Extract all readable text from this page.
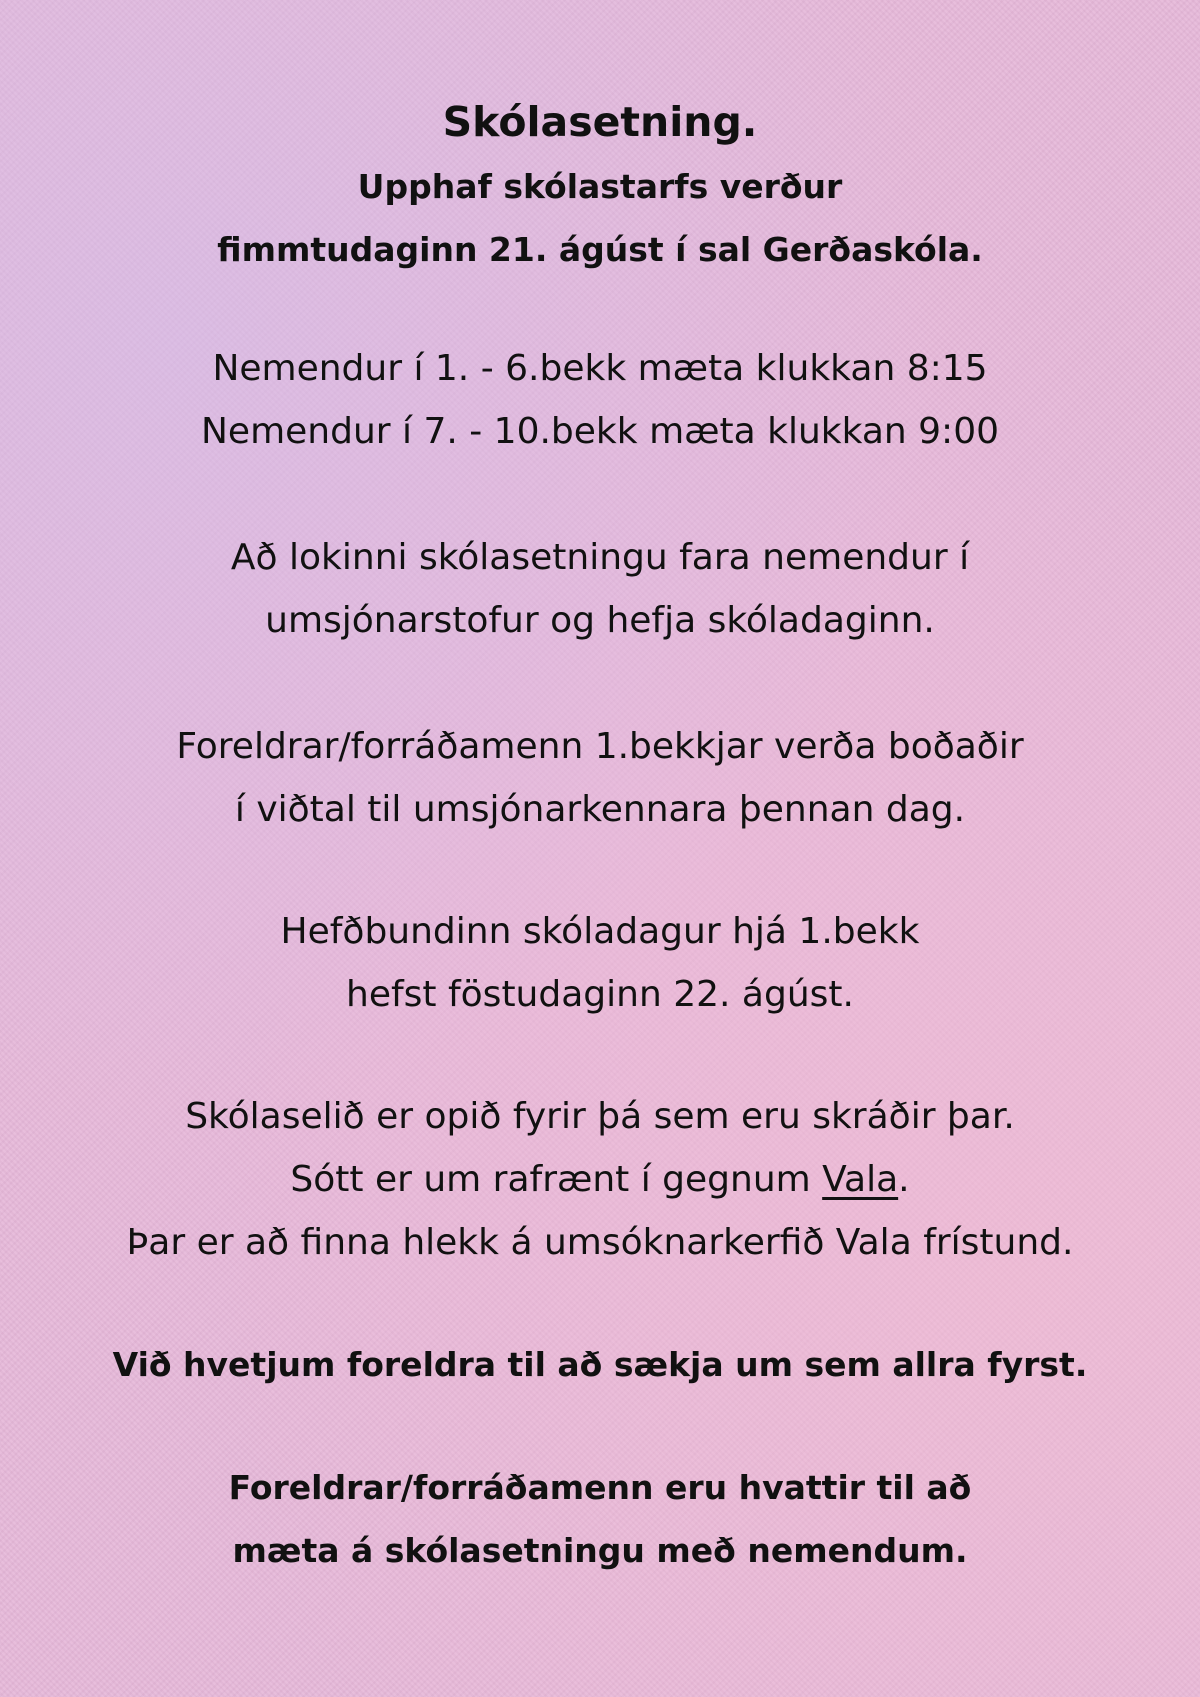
Skólasetning.
Upphaf skólastarfs verður
fimmtudaginn 21. ágúst í sal Gerðaskóla.
Nemendur í 1. - 6.bekk mæta klukkan 8:15
Nemendur í 7. - 10.bekk mæta klukkan 9:00
Að lokinni skólasetningu fara nemendur í
umsjónarstofur og hefja skóladaginn.
Foreldrar/forráðamenn 1.bekkjar verða boðaðir
í viðtal til umsjónarkennara þennan dag.
Hefðbundinn skóladagur hjá 1.bekk
hefst föstudaginn 22. ágúst.
Skólaselið er opið fyrir þá sem eru skráðir þar.
Sótt er um rafrænt í gegnum Vala.
Þar er að finna hlekk á umsóknarkerfið Vala frístund.
Við hvetjum foreldra til að sækja um sem allra fyrst.
Foreldrar/forráðamenn eru hvattir til að
mæta á skólasetningu með nemendum.
